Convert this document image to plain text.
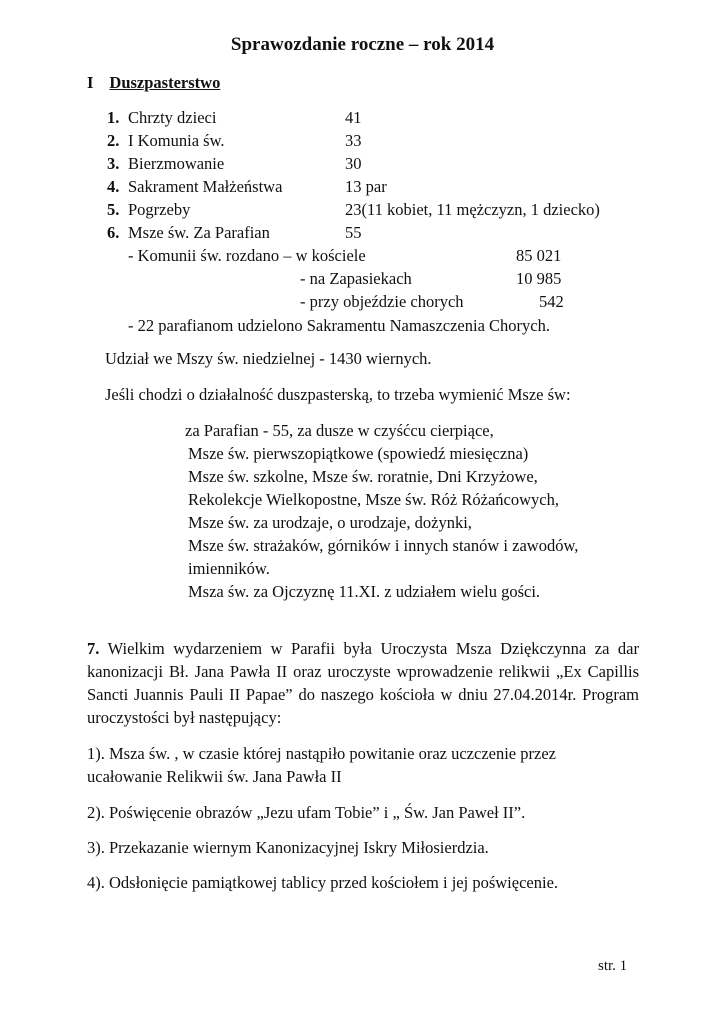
Sprawozdanie roczne – rok 2014
I Duszpasterstwo
1. Chrzty dzieci	41
2. I Komunia św.	33
3. Bierzmowanie	30
4. Sakrament Małżeństwa	13 par
5. Pogrzeby	23(11 kobiet, 11 mężczyzn, 1 dziecko)
6. Msze św. Za Parafian	55
- Komunii św. rozdano – w kościele	85 021
- na Zapasiekach	10 985
- przy objeździe chorych	542
- 22 parafianom udzielono Sakramentu Namaszczenia Chorych.
Udział we Mszy św. niedzielnej - 1430 wiernych.
Jeśli chodzi o działalność duszpasterską, to trzeba wymienić Msze św:
za Parafian - 55, za dusze w czyśćcu cierpiące,
Msze św. pierwszopiątkowe (spowiedź miesięczna)
Msze św. szkolne, Msze św. roratnie, Dni Krzyżowe,
Rekolekcje Wielkopostne, Msze św. Róż Różańcowych,
Msze św. za urodzaje, o urodzaje, dożynki,
Msze św. strażaków, górników i innych stanów i zawodów,
imienników.
Msza św. za Ojczyznę 11.XI. z udziałem wielu gości.
7. Wielkim wydarzeniem w Parafii była Uroczysta Msza Dziękczynna za dar kanonizacji Bł. Jana Pawła II oraz uroczyste wprowadzenie relikwii „Ex Capillis Sancti Juannis Pauli II Papae” do naszego kościoła w dniu 27.04.2014r. Program uroczystości był następujący:
1). Msza św. , w czasie której nastąpiło powitanie oraz uczczenie przez
ucałowanie Relikwii św. Jana Pawła II
2). Poświęcenie obrazów „Jezu ufam Tobie” i „ Św. Jan Paweł II”.
3). Przekazanie wiernym Kanonizacyjnej Iskry Miłosierdzia.
4). Odsłonięcie pamiątkowej tablicy przed kościołem i jej poświęcenie.
str. 1
